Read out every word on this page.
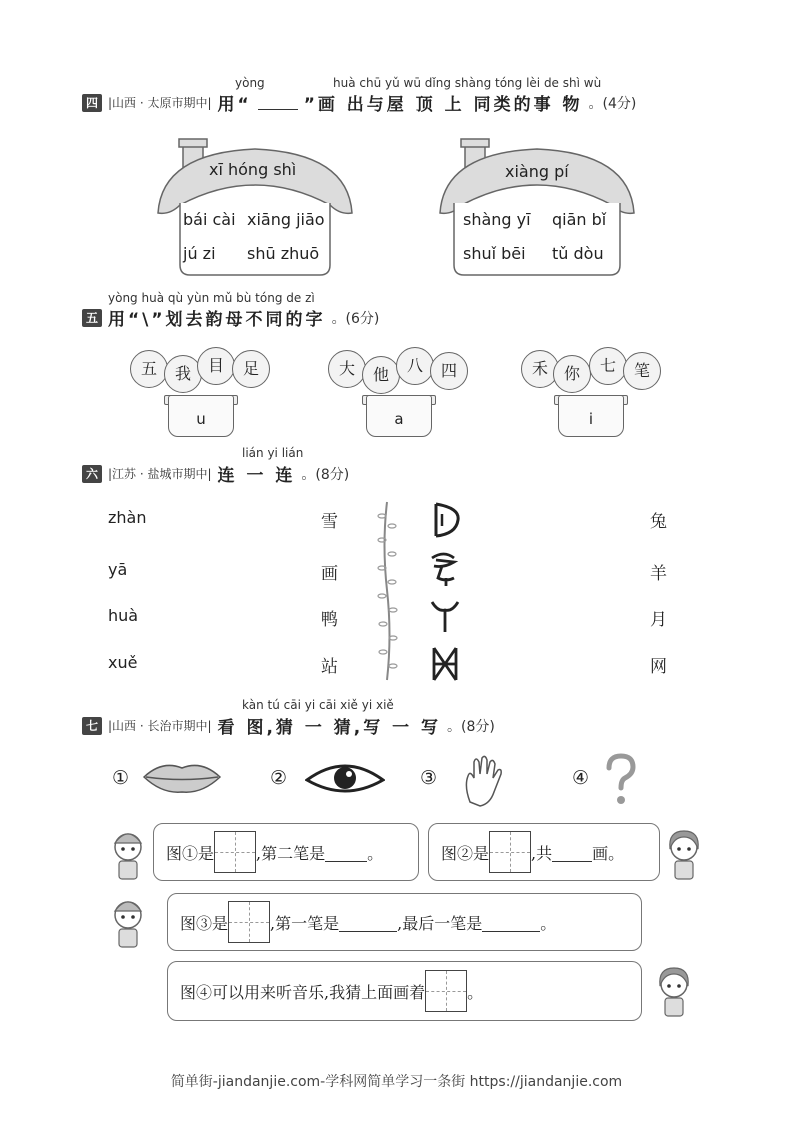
yòng	huà chū yǔ wū dǐng shàng tóng lèi de shì wù
四 |山西 · 太原市期中| 用“	”画 出与屋 顶 上 同类的事 物 。(4分)
xī hóng shì
bái cài xiāng jiāo
jú zi shū zhuō
xiàng pí
shàng yī qiān bǐ
shuǐ bēi tǔ dòu
yòng huà qù yùn mǔ bù tóng de zì
五 用“\”划去韵母不同的字 。(6分)
五	我	目	足
u
大	他	八	四
a
禾 你	七	笔
i
lián yi lián
六 |江苏 · 盐城市期中| 连 一 连 。(8分)
zhàn
yā
huà
xuě
雪
画
鸭
站
兔
羊
月
网
kàn tú cāi yi cāi xiě yi xiě
七 |山西 · 长治市期中| 看 图,猜 一 猜,写 一 写 。(8分)
①	②	③	④
图①是	,第二笔是	。	图②是	,共	画。
图③是	,第一笔是	,最后一笔是	。
图④可以用来听音乐,我猜上面画着	。
简单街-jiandanjie.com-学科网简单学习一条街 https://jiandanjie.com
